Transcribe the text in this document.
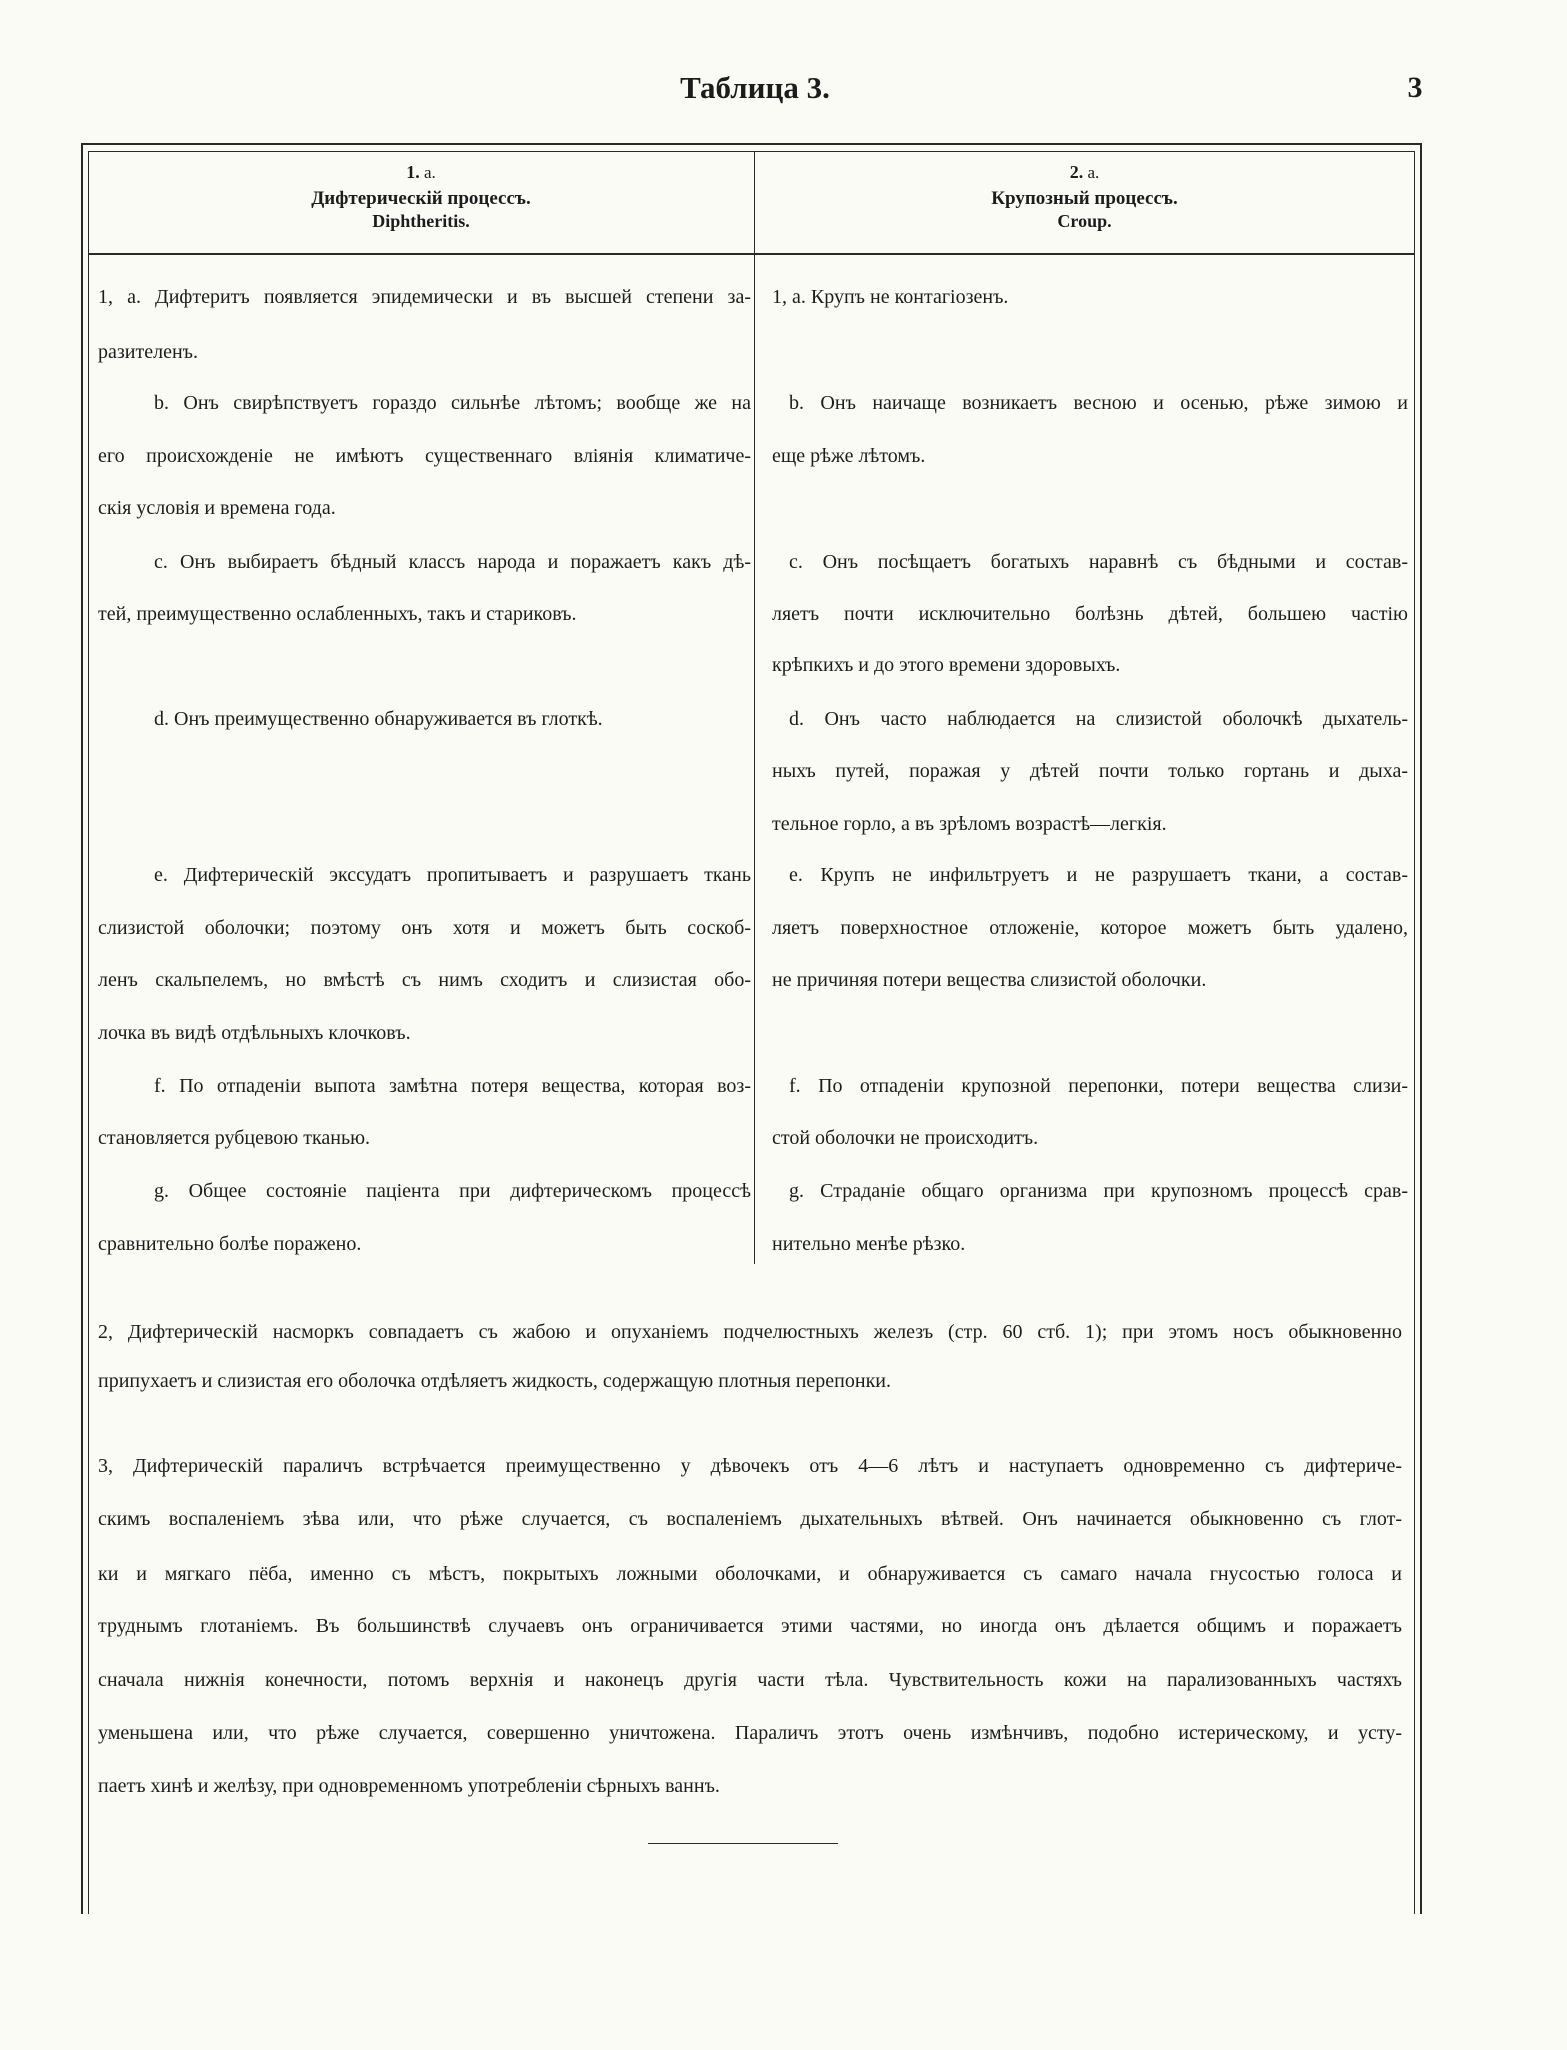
Таблица 3.	3
1. a.
Дифтерическій процессъ.
Diphtheritis.
2. a.
Крупозный процессъ.
Croup.
1, a. Дифтеритъ появляется эпидемически и въ высшей степени за-
разителенъ.
b. Онъ свирѣпствуетъ гораздо сильнѣе лѣтомъ; вообще же на
его происхожденіе не имѣютъ существеннаго вліянія климатиче-
скія условія и времена года.
c. Онъ выбираетъ бѣдный классъ народа и поражаетъ какъ дѣ-
тей, преимущественно ослабленныхъ, такъ и стариковъ.
d. Онъ преимущественно обнаруживается въ глоткѣ.
e. Дифтерическій экссудатъ пропитываетъ и разрушаетъ ткань
слизистой оболочки; поэтому онъ хотя и можетъ быть соскоб-
ленъ скальпелемъ, но вмѣстѣ съ нимъ сходитъ и слизистая обо-
лочка въ видѣ отдѣльныхъ клочковъ.
f. По отпаденіи выпота замѣтна потеря вещества, которая воз-
становляется рубцевою тканью.
g. Общее состояніе паціента при дифтерическомъ процессѣ
сравнительно болѣе поражено.
1, a. Крупъ не контагіозенъ.
b. Онъ наичаще возникаетъ весною и осенью, рѣже зимою и
еще рѣже лѣтомъ.
c. Онъ посѣщаетъ богатыхъ наравнѣ съ бѣдными и состав-
ляетъ почти исключительно болѣзнь дѣтей, большею частію
крѣпкихъ и до этого времени здоровыхъ.
d. Онъ часто наблюдается на слизистой оболочкѣ дыхатель-
ныхъ путей, поражая у дѣтей почти только гортань и дыха-
тельное горло, а въ зрѣломъ возрастѣ—легкія.
e. Крупъ не инфильтруетъ и не разрушаетъ ткани, а состав-
ляетъ поверхностное отложеніе, которое можетъ быть удалено,
не причиняя потери вещества слизистой оболочки.
f. По отпаденіи крупозной перепонки, потери вещества слизи-
стой оболочки не происходитъ.
g. Страданіе общаго организма при крупозномъ процессѣ срав-
нительно менѣе рѣзко.
2, Дифтерическій насморкъ совпадаетъ съ жабою и опуханіемъ подчелюстныхъ железъ (стр. 60 стб. 1); при этомъ носъ обыкновенно
припухаетъ и слизистая его оболочка отдѣляетъ жидкость, содержащую плотныя перепонки.
3, Дифтерическій параличъ встрѣчается преимущественно у дѣвочекъ отъ 4—6 лѣтъ и наступаетъ одновременно съ дифтериче-
скимъ воспаленіемъ зѣва или, что рѣже случается, съ воспаленіемъ дыхательныхъ вѣтвей. Онъ начинается обыкновенно съ глот-
ки и мягкаго пёба, именно съ мѣстъ, покрытыхъ ложными оболочками, и обнаруживается съ самаго начала гнусостью голоса и
труднымъ глотаніемъ. Въ большинствѣ случаевъ онъ ограничивается этими частями, но иногда онъ дѣлается общимъ и поражаетъ
сначала нижнія конечности, потомъ верхнія и наконецъ другія части тѣла. Чувствительность кожи на парализованныхъ частяхъ
уменьшена или, что рѣже случается, совершенно уничтожена. Параличъ этотъ очень измѣнчивъ, подобно истерическому, и усту-
паетъ хинѣ и желѣзу, при одновременномъ употребленіи сѣрныхъ ваннъ.
